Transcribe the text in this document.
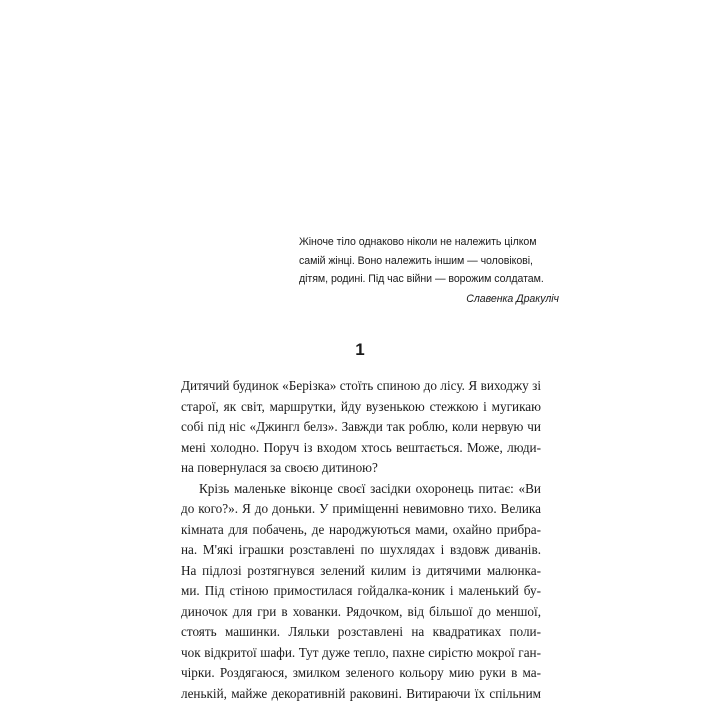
Жіноче тіло однаково ніколи не належить цілком
самій жінці. Воно належить іншим — чоловікові,
дітям, родині. Під час війни — ворожим солдатам.
Славенка Дракуліч
1
Дитячий будинок «Берізка» стоїть спиною до лісу. Я виходжу зі
старої, як світ, маршрутки, йду вузенькою стежкою і мугикаю
собі під ніс «Джингл белз». Завжди так роблю, коли нервую чи
мені холодно. Поруч із входом хтось вештається. Може, люди-
на повернулася за своєю дитиною?
Крізь маленьке віконце своєї засідки охоронець питає: «Ви
до кого?». Я до доньки. У приміщенні невимовно тихо. Велика
кімната для побачень, де народжуються мами, охайно прибра-
на. М'які іграшки розставлені по шухлядах і вздовж диванів.
На підлозі розтягнувся зелений килим із дитячими малюнка-
ми. Під стіною примостилася гойдалка-коник і маленький бу-
диночок для гри в хованки. Рядочком, від більшої до меншої,
стоять машинки. Ляльки розставлені на квадратиках поли-
чок відкритої шафи. Тут дуже тепло, пахне сирістю мокрої ган-
чірки. Роздягаюся, змилком зеленого кольору мию руки в ма-
ленькій, майже декоративній раковині. Витираючи їх спільним
